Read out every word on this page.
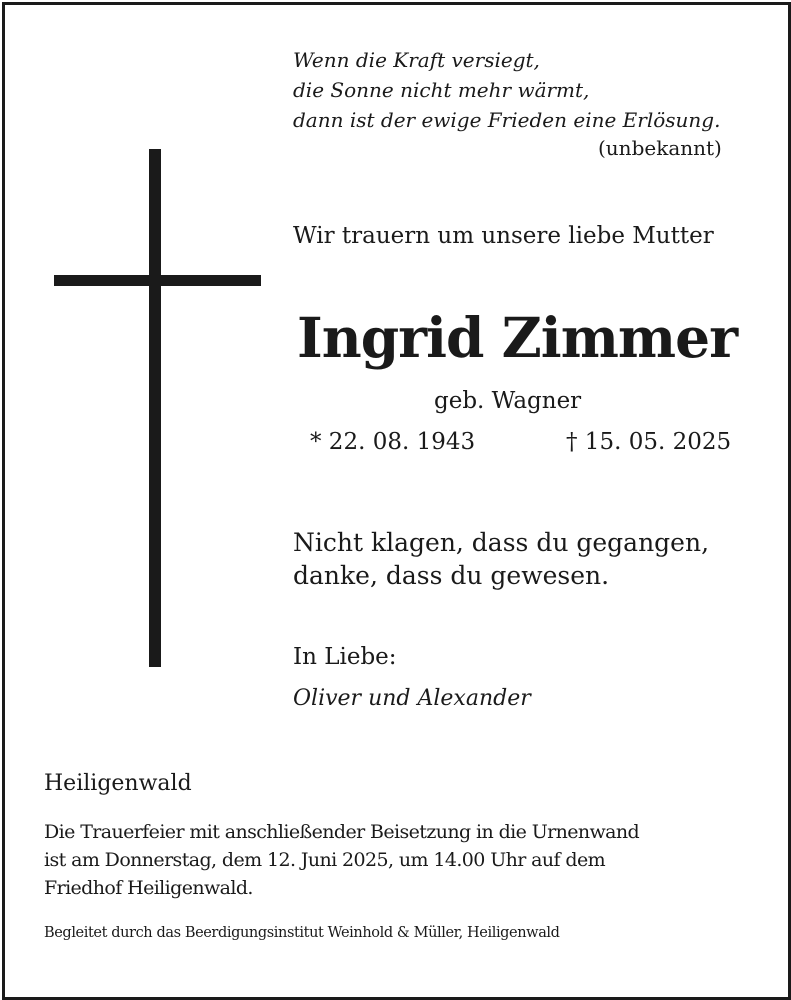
Wenn die Kraft versiegt,
die Sonne nicht mehr wärmt,
dann ist der ewige Frieden eine Erlösung.
(unbekannt)
Wir trauern um unsere liebe Mutter
Ingrid Zimmer
geb. Wagner
* 22. 08. 1943	† 15. 05. 2025
Nicht klagen, dass du gegangen,
danke, dass du gewesen.
In Liebe:
Oliver und Alexander
Heiligenwald
Die Trauerfeier mit anschließender Beisetzung in die Urnenwand
ist am Donnerstag, dem 12. Juni 2025, um 14.00 Uhr auf dem
Friedhof Heiligenwald.
Begleitet durch das Beerdigungsinstitut Weinhold & Müller, Heiligenwald
